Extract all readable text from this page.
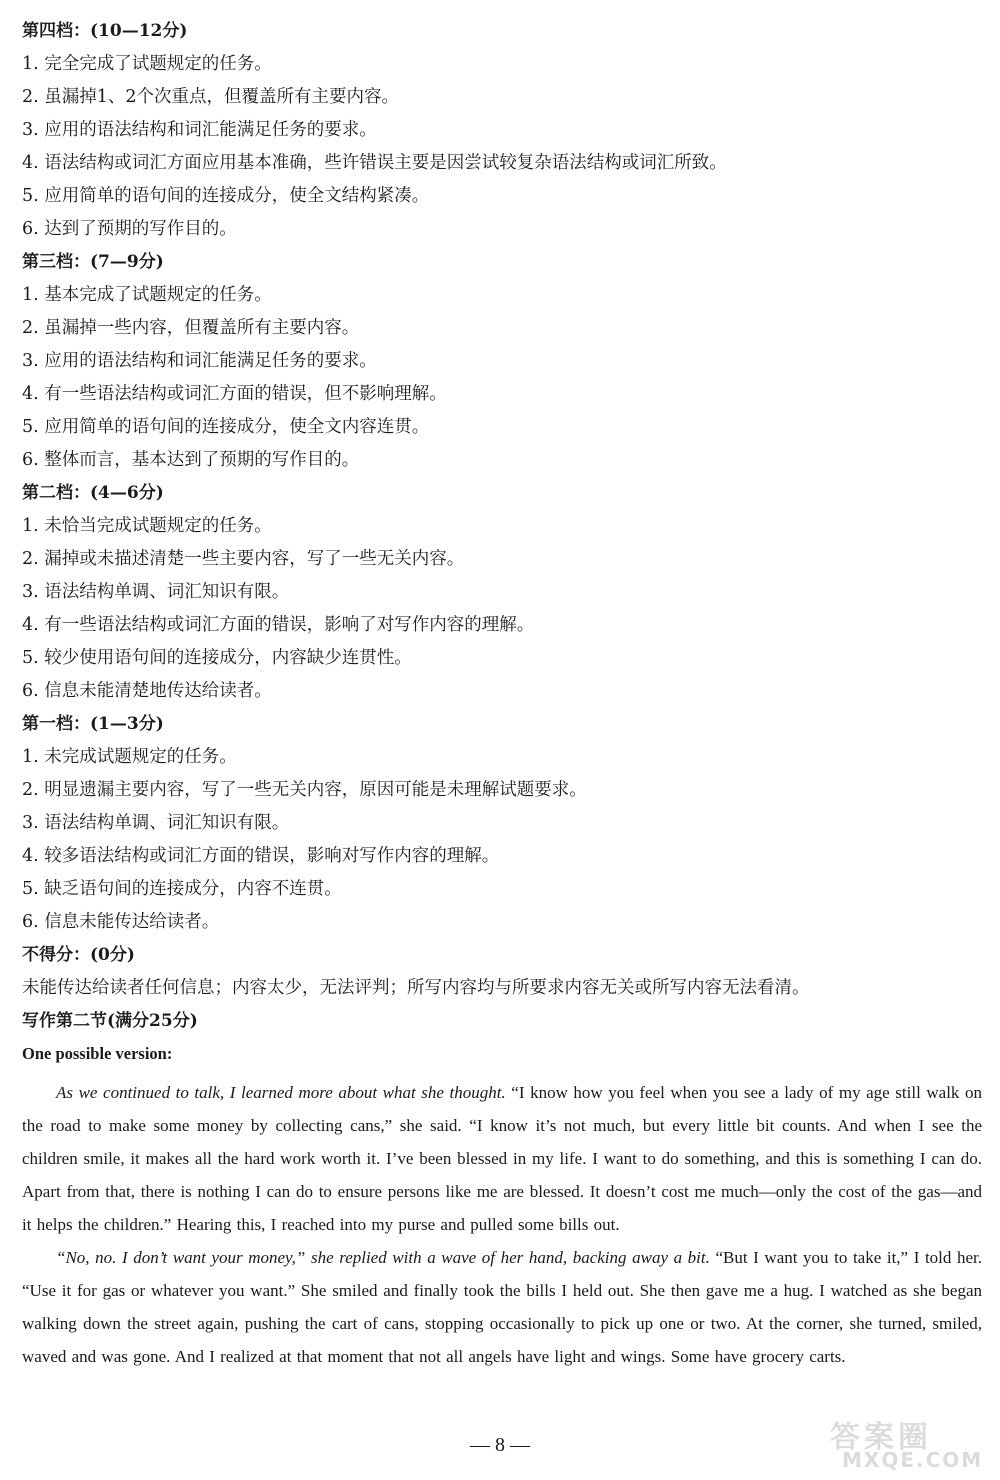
第四档：(10—12分)
1. 完全完成了试题规定的任务。
2. 虽漏掉1、2个次重点，但覆盖所有主要内容。
3. 应用的语法结构和词汇能满足任务的要求。
4. 语法结构或词汇方面应用基本准确，些许错误主要是因尝试较复杂语法结构或词汇所致。
5. 应用简单的语句间的连接成分，使全文结构紧凑。
6. 达到了预期的写作目的。
第三档：(7—9分)
1. 基本完成了试题规定的任务。
2. 虽漏掉一些内容，但覆盖所有主要内容。
3. 应用的语法结构和词汇能满足任务的要求。
4. 有一些语法结构或词汇方面的错误，但不影响理解。
5. 应用简单的语句间的连接成分，使全文内容连贯。
6. 整体而言，基本达到了预期的写作目的。
第二档：(4—6分)
1. 未恰当完成试题规定的任务。
2. 漏掉或未描述清楚一些主要内容，写了一些无关内容。
3. 语法结构单调、词汇知识有限。
4. 有一些语法结构或词汇方面的错误，影响了对写作内容的理解。
5. 较少使用语句间的连接成分，内容缺少连贯性。
6. 信息未能清楚地传达给读者。
第一档：(1—3分)
1. 未完成试题规定的任务。
2. 明显遗漏主要内容，写了一些无关内容，原因可能是未理解试题要求。
3. 语法结构单调、词汇知识有限。
4. 较多语法结构或词汇方面的错误，影响对写作内容的理解。
5. 缺乏语句间的连接成分，内容不连贯。
6. 信息未能传达给读者。
不得分：(0分)
未能传达给读者任何信息；内容太少，无法评判；所写内容均与所要求内容无关或所写内容无法看清。
写作第二节(满分25分)
One possible version:

As we continued to talk, I learned more about what she thought. “I know how you feel when you see a lady of my age still walk on the road to make some money by collecting cans,” she said. “I know it’s not much, but every little bit counts. And when I see the children smile, it makes all the hard work worth it. I’ve been blessed in my life. I want to do something, and this is something I can do. Apart from that, there is nothing I can do to ensure persons like me are blessed. It doesn’t cost me much—only the cost of the gas—and it helps the children.” Hearing this, I reached into my purse and pulled some bills out.

“No, no. I don’t want your money,” she replied with a wave of her hand, backing away a bit. “But I want you to take it,” I told her. “Use it for gas or whatever you want.” She smiled and finally took the bills I held out. She then gave me a hug. I watched as she began walking down the street again, pushing the cart of cans, stopping occasionally to pick up one or two. At the corner, she turned, smiled, waved and was gone. And I realized at that moment that not all angels have light and wings. Some have grocery carts.

— 8 —	答案圈
MXQE.COM
